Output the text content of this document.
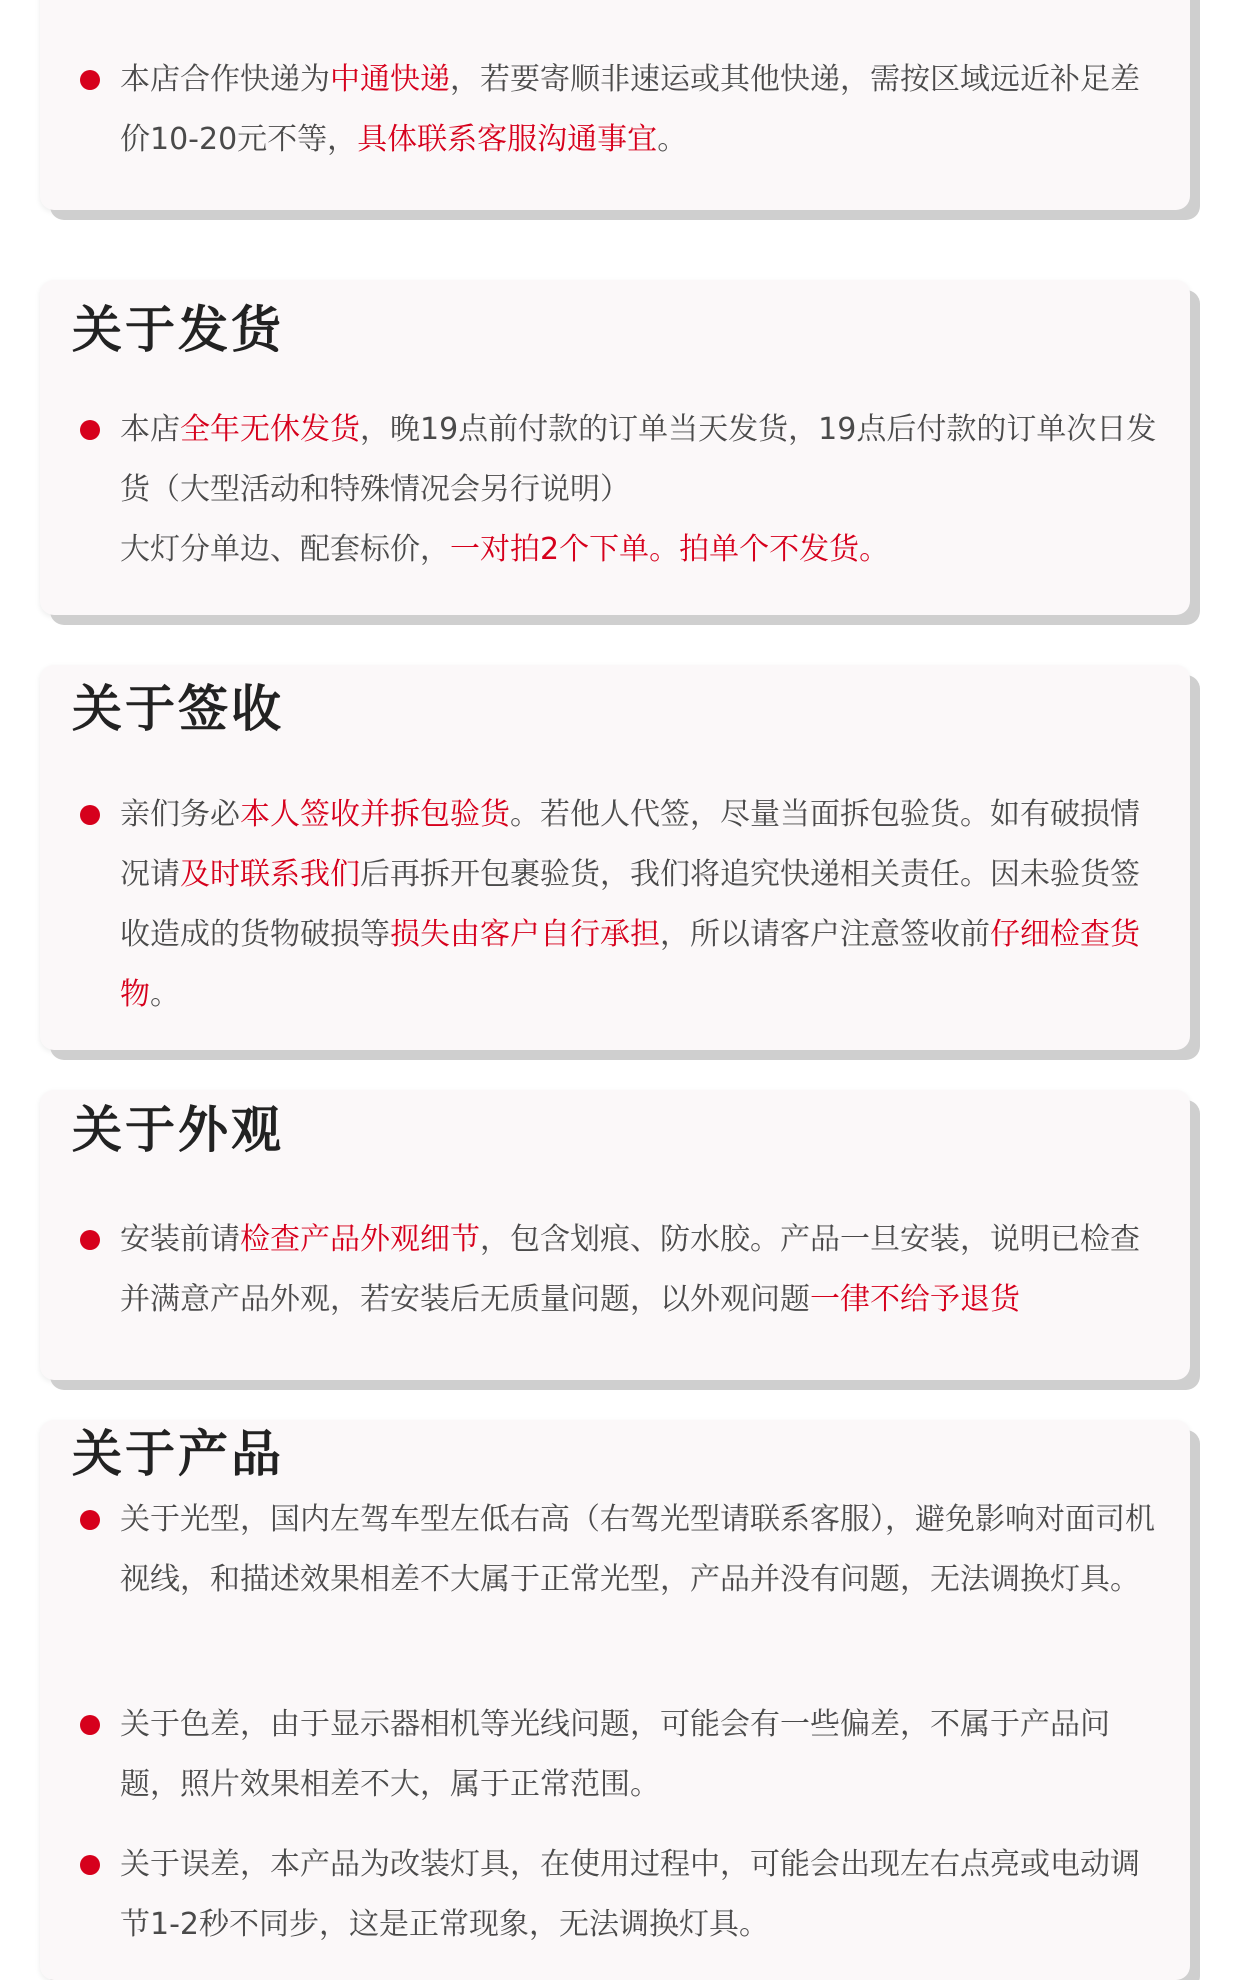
本店合作快递为中通快递，若要寄顺非速运或其他快递，需按区域远近补足差价10-20元不等，具体联系客服沟通事宜。
关于发货
本店全年无休发货，晚19点前付款的订单当天发货，19点后付款的订单次日发货（大型活动和特殊情况会另行说明）
大灯分单边、配套标价，一对拍2个下单。拍单个不发货。
关于签收
亲们务必本人签收并拆包验货。若他人代签，尽量当面拆包验货。如有破损情况请及时联系我们后再拆开包裹验货，我们将追究快递相关责任。因未验货签收造成的货物破损等损失由客户自行承担，所以请客户注意签收前仔细检查货物。
关于外观
安装前请检查产品外观细节，包含划痕、防水胶。产品一旦安装，说明已检查并满意产品外观，若安装后无质量问题，以外观问题一律不给予退货
关于产品
关于光型，国内左驾车型左低右高（右驾光型请联系客服），避免影响对面司机视线，和描述效果相差不大属于正常光型，产品并没有问题，无法调换灯具。
关于色差，由于显示器相机等光线问题，可能会有一些偏差，不属于产品问题，照片效果相差不大，属于正常范围。
关于误差，本产品为改装灯具，在使用过程中，可能会出现左右点亮或电动调节1-2秒不同步，这是正常现象，无法调换灯具。
